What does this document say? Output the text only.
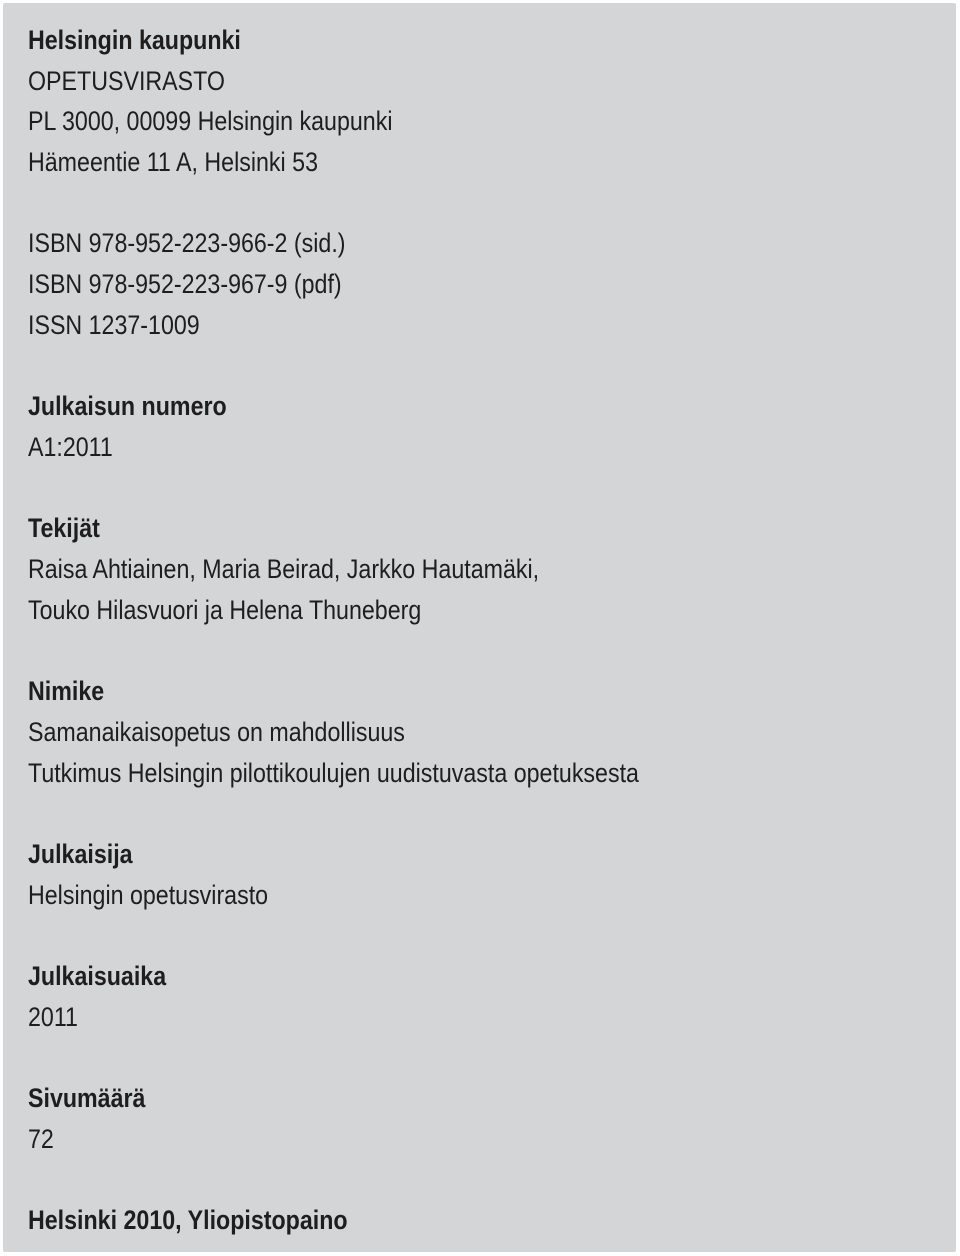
Helsingin kaupunki
OPETUSVIRASTO
PL 3000, 00099 Helsingin kaupunki
Hämeentie 11 A, Helsinki 53
ISBN 978-952-223-966-2 (sid.)
ISBN 978-952-223-967-9 (pdf)
ISSN 1237-1009
Julkaisun numero
A1:2011
Tekijät
Raisa Ahtiainen, Maria Beirad, Jarkko Hautamäki,
Touko Hilasvuori ja Helena Thuneberg
Nimike
Samanaikaisopetus on mahdollisuus
Tutkimus Helsingin pilottikoulujen uudistuvasta opetuksesta
Julkaisija
Helsingin opetusvirasto
Julkaisuaika
2011
Sivumäärä
72
Helsinki 2010, Yliopistopaino
